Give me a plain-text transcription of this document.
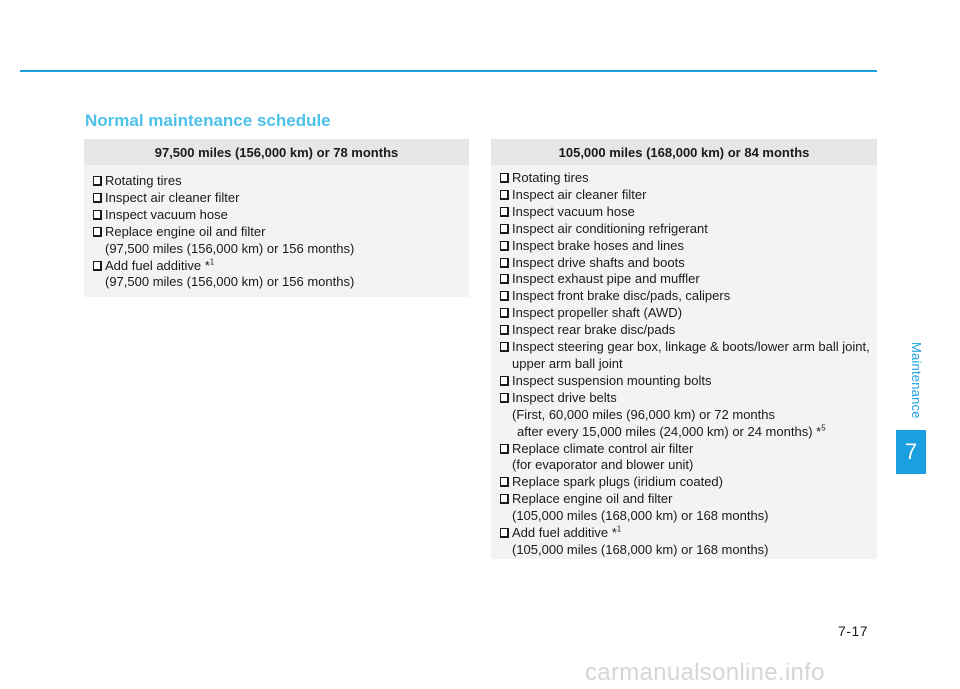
Maintenance
7
Normal maintenance schedule
97,500 miles (156,000 km) or 78 months
Rotating tires
Inspect air cleaner filter
Inspect vacuum hose
Replace engine oil and filter
(97,500 miles (156,000 km) or 156 months)
Add fuel additive *$^1$
(97,500 miles (156,000 km) or 156 months)
105,000 miles (168,000 km) or 84 months
Rotating tires
Inspect air cleaner filter
Inspect vacuum hose
Inspect air conditioning refrigerant
Inspect brake hoses and lines
Inspect drive shafts and boots
Inspect exhaust pipe and muffler
Inspect front brake disc/pads, calipers
Inspect propeller shaft (AWD)
Inspect rear brake disc/pads
Inspect steering gear box, linkage & boots/lower arm ball joint, upper arm ball joint
Inspect suspension mounting bolts
Inspect drive belts
(First, 60,000 miles (96,000 km) or 72 months
after every 15,000 miles (24,000 km) or 24 months) *$^5$
Replace climate control air filter
(for evaporator and blower unit)
Replace spark plugs (iridium coated)
Replace engine oil and filter
(105,000 miles (168,000 km) or 168 months)
Add fuel additive *$^1$
(105,000 miles (168,000 km) or 168 months)
7-17
carmanualsonline.info
